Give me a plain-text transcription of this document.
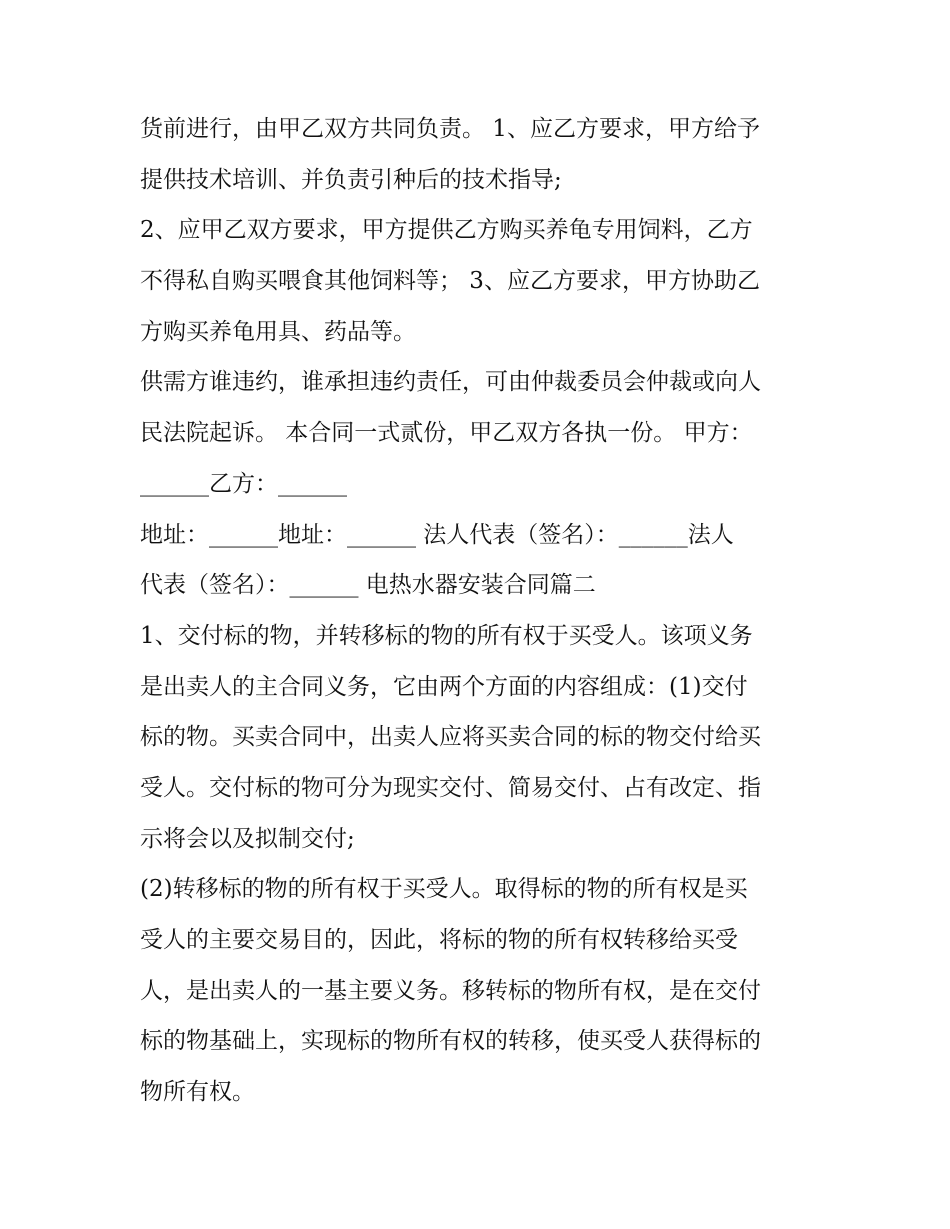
货前进行，由甲乙双方共同负责。 1、应乙方要求，甲方给予
提供技术培训、并负责引种后的技术指导;
2、应甲乙双方要求，甲方提供乙方购买养龟专用饲料，乙方
不得私自购买喂食其他饲料等； 3、应乙方要求，甲方协助乙
方购买养龟用具、药品等。
供需方谁违约，谁承担违约责任，可由仲裁委员会仲裁或向人
民法院起诉。 本合同一式贰份，甲乙双方各执一份。 甲方：
______乙方：______
地址：______地址：______ 法人代表（签名）：______法人
代表（签名）：______ 电热水器安装合同篇二
1、交付标的物，并转移标的物的所有权于买受人。该项义务
是出卖人的主合同义务，它由两个方面的内容组成：(1)交付
标的物。买卖合同中，出卖人应将买卖合同的标的物交付给买
受人。交付标的物可分为现实交付、简易交付、占有改定、指
示将会以及拟制交付;
(2)转移标的物的所有权于买受人。取得标的物的所有权是买
受人的主要交易目的，因此，将标的物的所有权转移给买受
人，是出卖人的一基主要义务。移转标的物所有权，是在交付
标的物基础上，实现标的物所有权的转移，使买受人获得标的
物所有权。
